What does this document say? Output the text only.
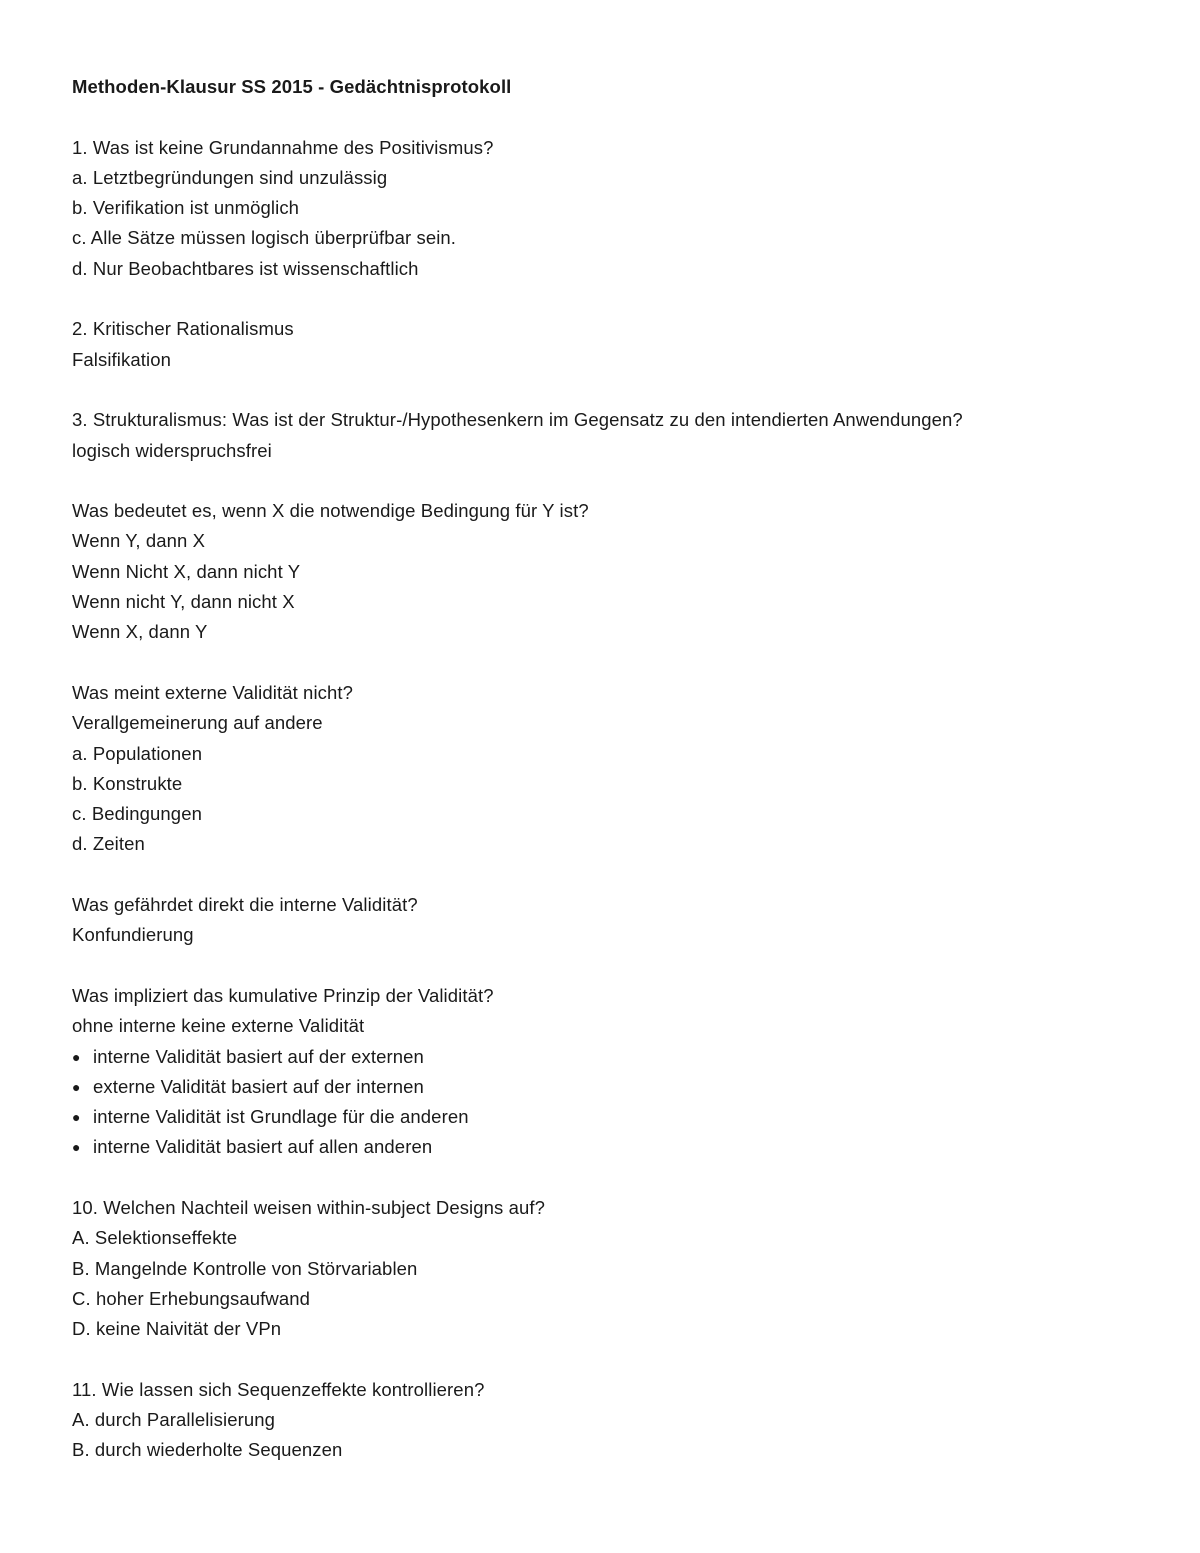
Methoden-Klausur SS 2015 - Gedächtnisprotokoll
1. Was ist keine Grundannahme des Positivismus?
a. Letztbegründungen sind unzulässig
b. Verifikation ist unmöglich
c. Alle Sätze müssen logisch überprüfbar sein.
d. Nur Beobachtbares ist wissenschaftlich
2. Kritischer Rationalismus
Falsifikation
3. Strukturalismus: Was ist der Struktur-/Hypothesenkern im Gegensatz zu den intendierten Anwendungen?
logisch widerspruchsfrei
Was bedeutet es, wenn X die notwendige Bedingung für Y ist?
Wenn Y, dann X
Wenn Nicht X, dann nicht Y
Wenn nicht Y, dann nicht X
Wenn X, dann Y
Was meint externe Validität nicht?
Verallgemeinerung auf andere
a. Populationen
b. Konstrukte
c. Bedingungen
d. Zeiten
Was gefährdet direkt die interne Validität?
Konfundierung
Was impliziert das kumulative Prinzip der Validität?
ohne interne keine externe Validität
● interne Validität basiert auf der externen
● externe Validität basiert auf der internen
● interne Validität ist Grundlage für die anderen
● interne Validität basiert auf allen anderen
10. Welchen Nachteil weisen within-subject Designs auf?
A. Selektionseffekte
B. Mangelnde Kontrolle von Störvariablen
C. hoher Erhebungsaufwand
D. keine Naivität der VPn
11. Wie lassen sich Sequenzeffekte kontrollieren?
A. durch Parallelisierung
B. durch wiederholte Sequenzen
